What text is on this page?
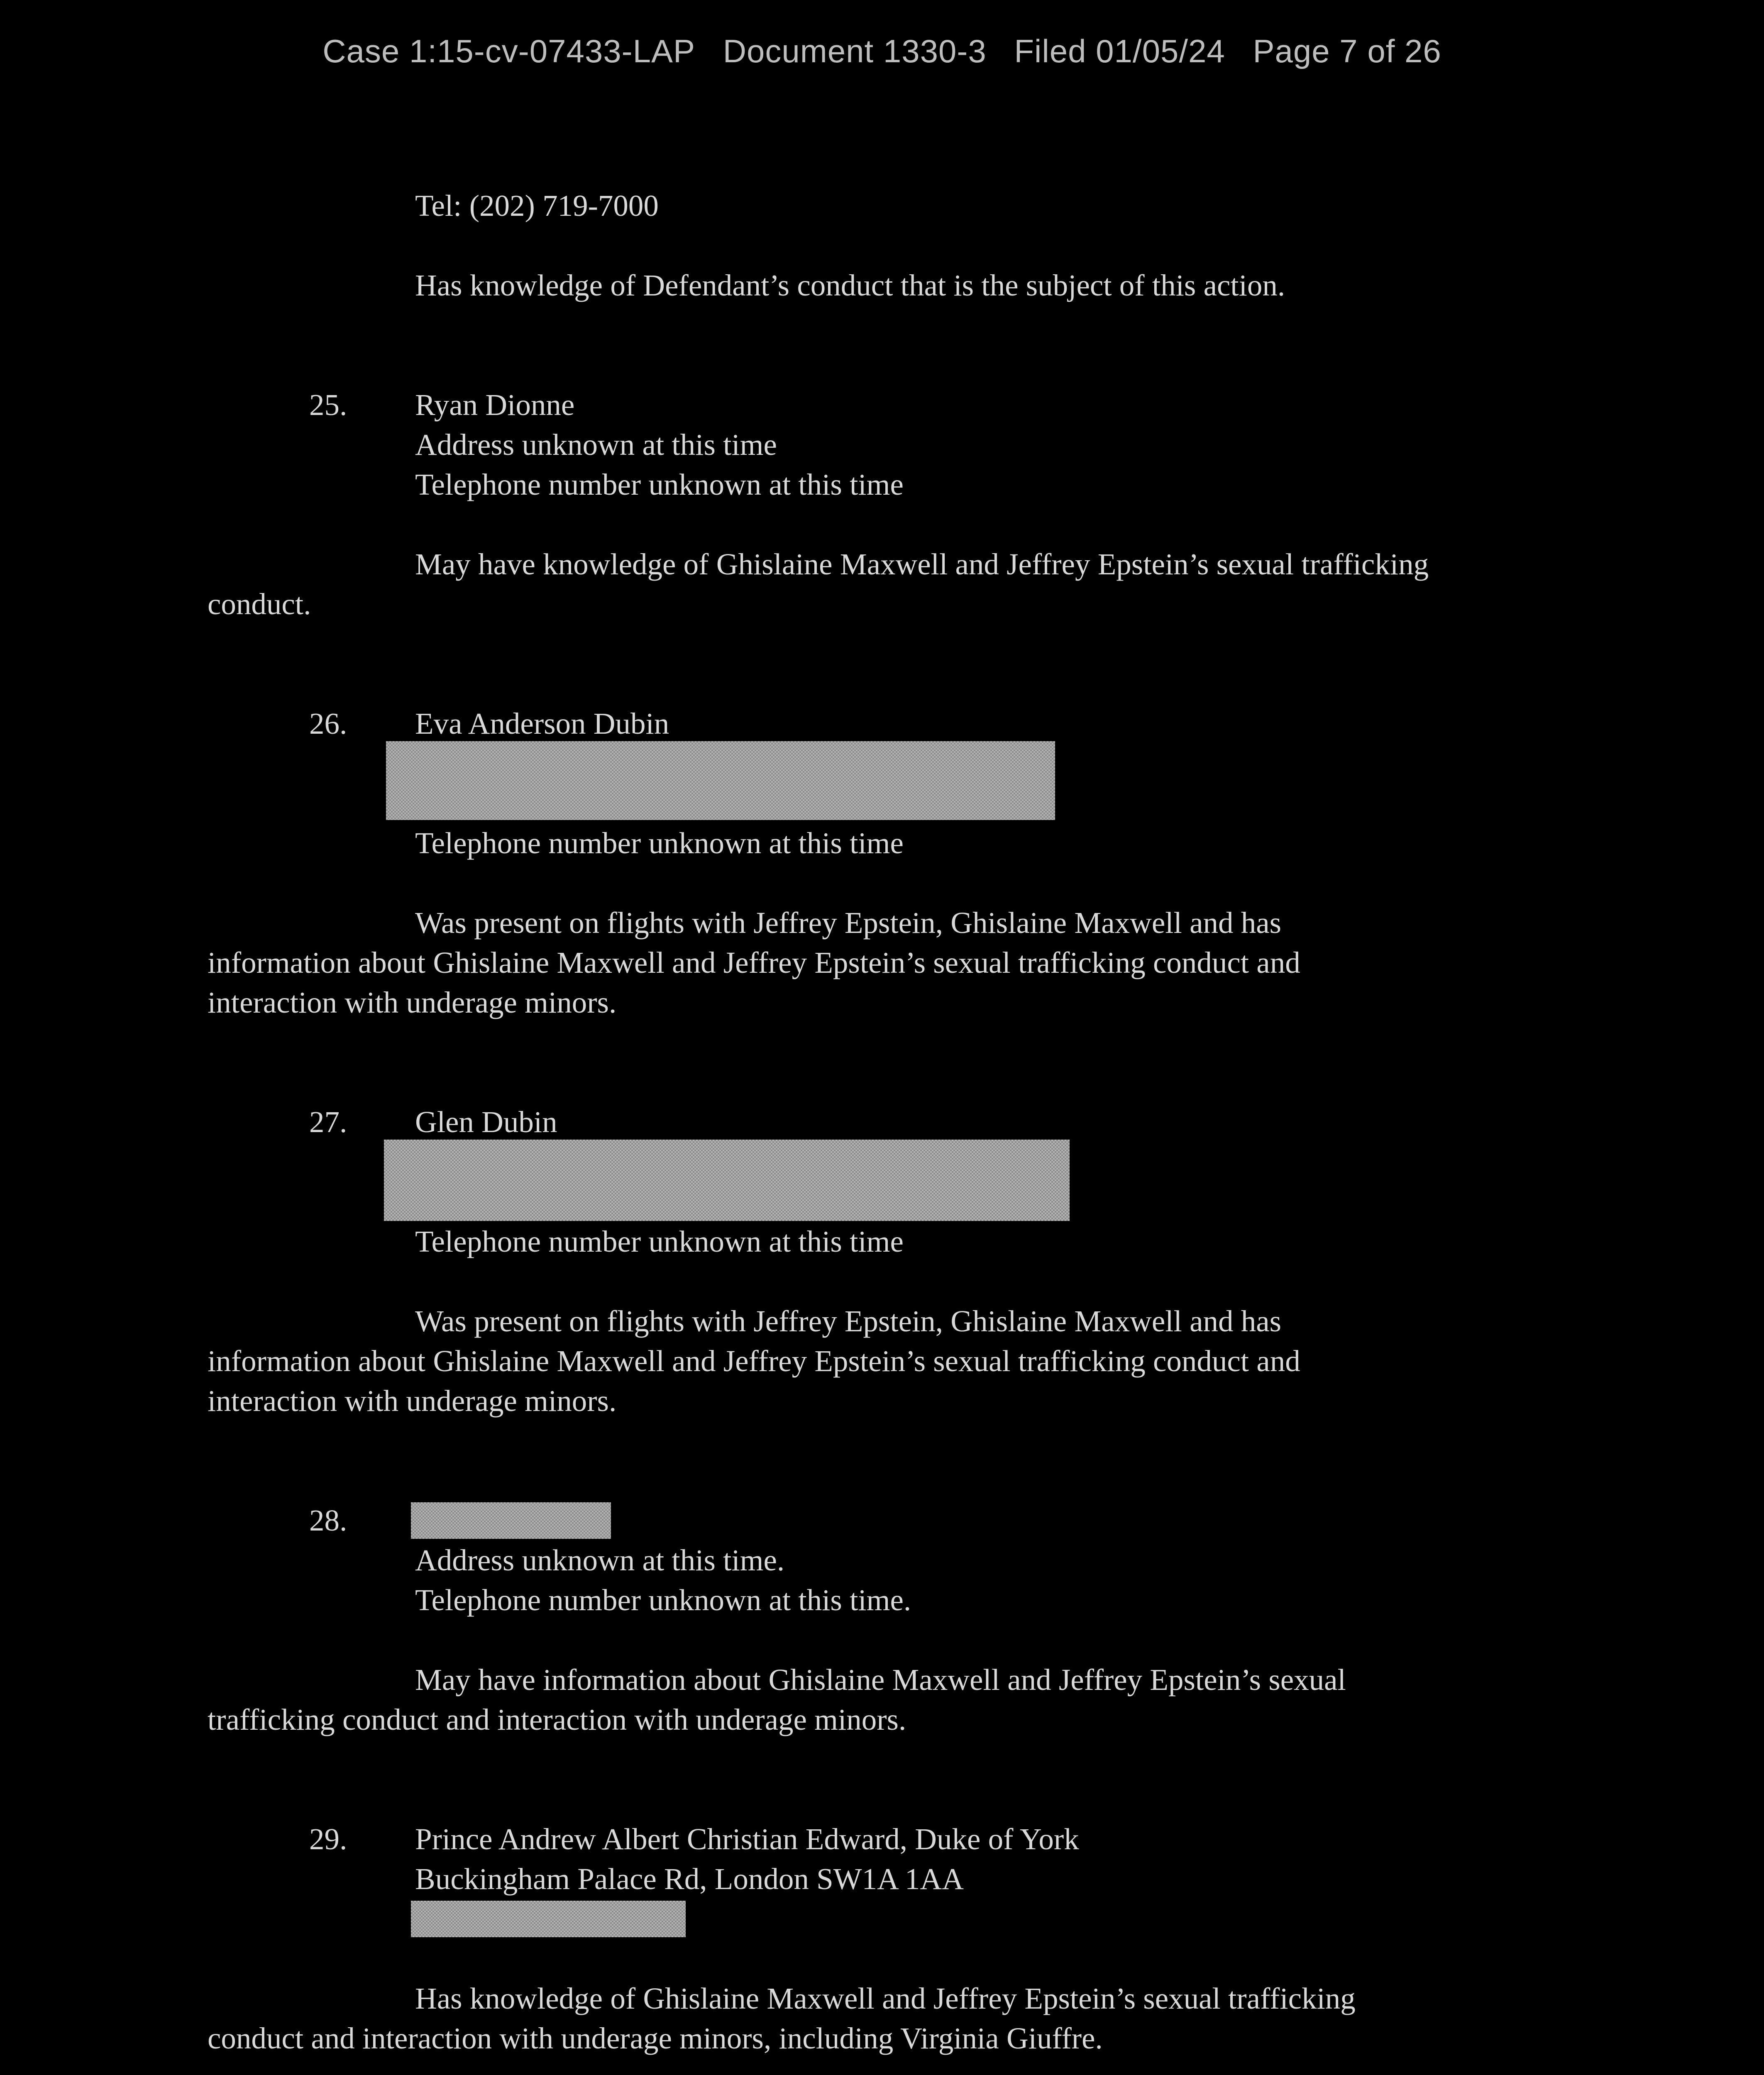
Case 1:15-cv-07433-LAP Document 1330-3 Filed 01/05/24 Page 7 of 26
Tel: (202) 719-7000
Has knowledge of Defendant’s conduct that is the subject of this action.
25. Ryan Dionne
Address unknown at this time
Telephone number unknown at this time
May have knowledge of Ghislaine Maxwell and Jeffrey Epstein’s sexual trafficking
conduct.
26. Eva Anderson Dubin
Telephone number unknown at this time
Was present on flights with Jeffrey Epstein, Ghislaine Maxwell and has
information about Ghislaine Maxwell and Jeffrey Epstein’s sexual trafficking conduct and
interaction with underage minors.
27. Glen Dubin
Telephone number unknown at this time
Was present on flights with Jeffrey Epstein, Ghislaine Maxwell and has
information about Ghislaine Maxwell and Jeffrey Epstein’s sexual trafficking conduct and
interaction with underage minors.
28.
Address unknown at this time.
Telephone number unknown at this time.
May have information about Ghislaine Maxwell and Jeffrey Epstein’s sexual
trafficking conduct and interaction with underage minors.
29. Prince Andrew Albert Christian Edward, Duke of York
Buckingham Palace Rd, London SW1A 1AA
Has knowledge of Ghislaine Maxwell and Jeffrey Epstein’s sexual trafficking
conduct and interaction with underage minors, including Virginia Giuffre.
